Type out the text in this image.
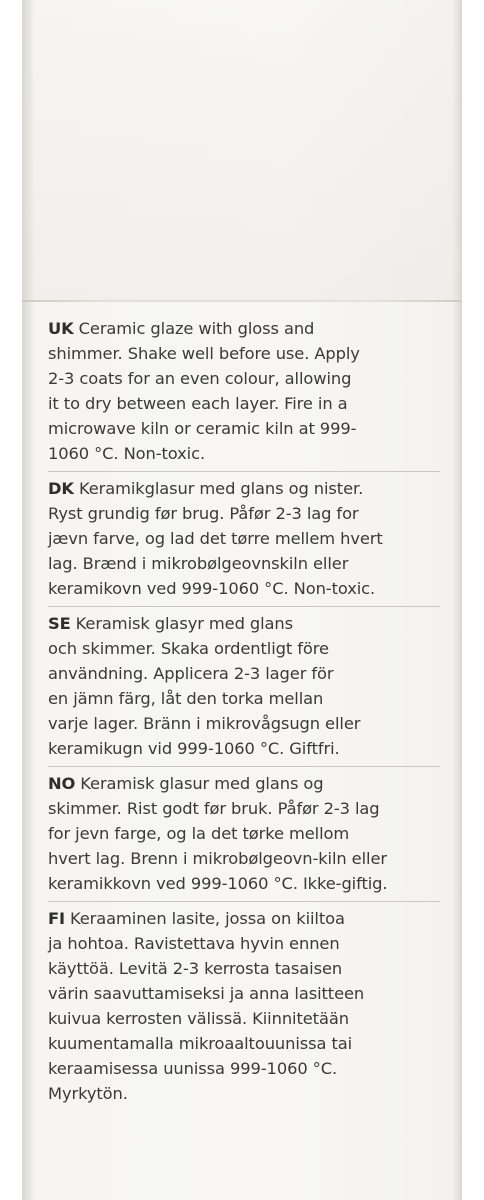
UK Ceramic glaze with gloss and
shimmer. Shake well before use. Apply
2-3 coats for an even colour, allowing
it to dry between each layer. Fire in a
microwave kiln or ceramic kiln at 999-
1060 °C. Non-toxic.

DK Keramikglasur med glans og nister.
Ryst grundig før brug. Påfør 2-3 lag for
jævn farve, og lad det tørre mellem hvert
lag. Brænd i mikrobølgeovnskiln eller
keramikovn ved 999-1060 °C. Non-toxic.

SE Keramisk glasyr med glans
och skimmer. Skaka ordentligt före
användning. Applicera 2-3 lager för
en jämn färg, låt den torka mellan
varje lager. Bränn i mikrovågsugn eller
keramikugn vid 999-1060 °C. Giftfri.

NO Keramisk glasur med glans og
skimmer. Rist godt før bruk. Påfør 2-3 lag
for jevn farge, og la det tørke mellom
hvert lag. Brenn i mikrobølgeovn-kiln eller
keramikkovn ved 999-1060 °C. Ikke-giftig.

FI Keraaminen lasite, jossa on kiiltoa
ja hohtoa. Ravistettava hyvin ennen
käyttöä. Levitä 2-3 kerrosta tasaisen
värin saavuttamiseksi ja anna lasitteen
kuivua kerrosten välissä. Kiinnitetään
kuumentamalla mikroaaltouunissa tai
keraamisessa uunissa 999-1060 °C.
Myrkytön.
